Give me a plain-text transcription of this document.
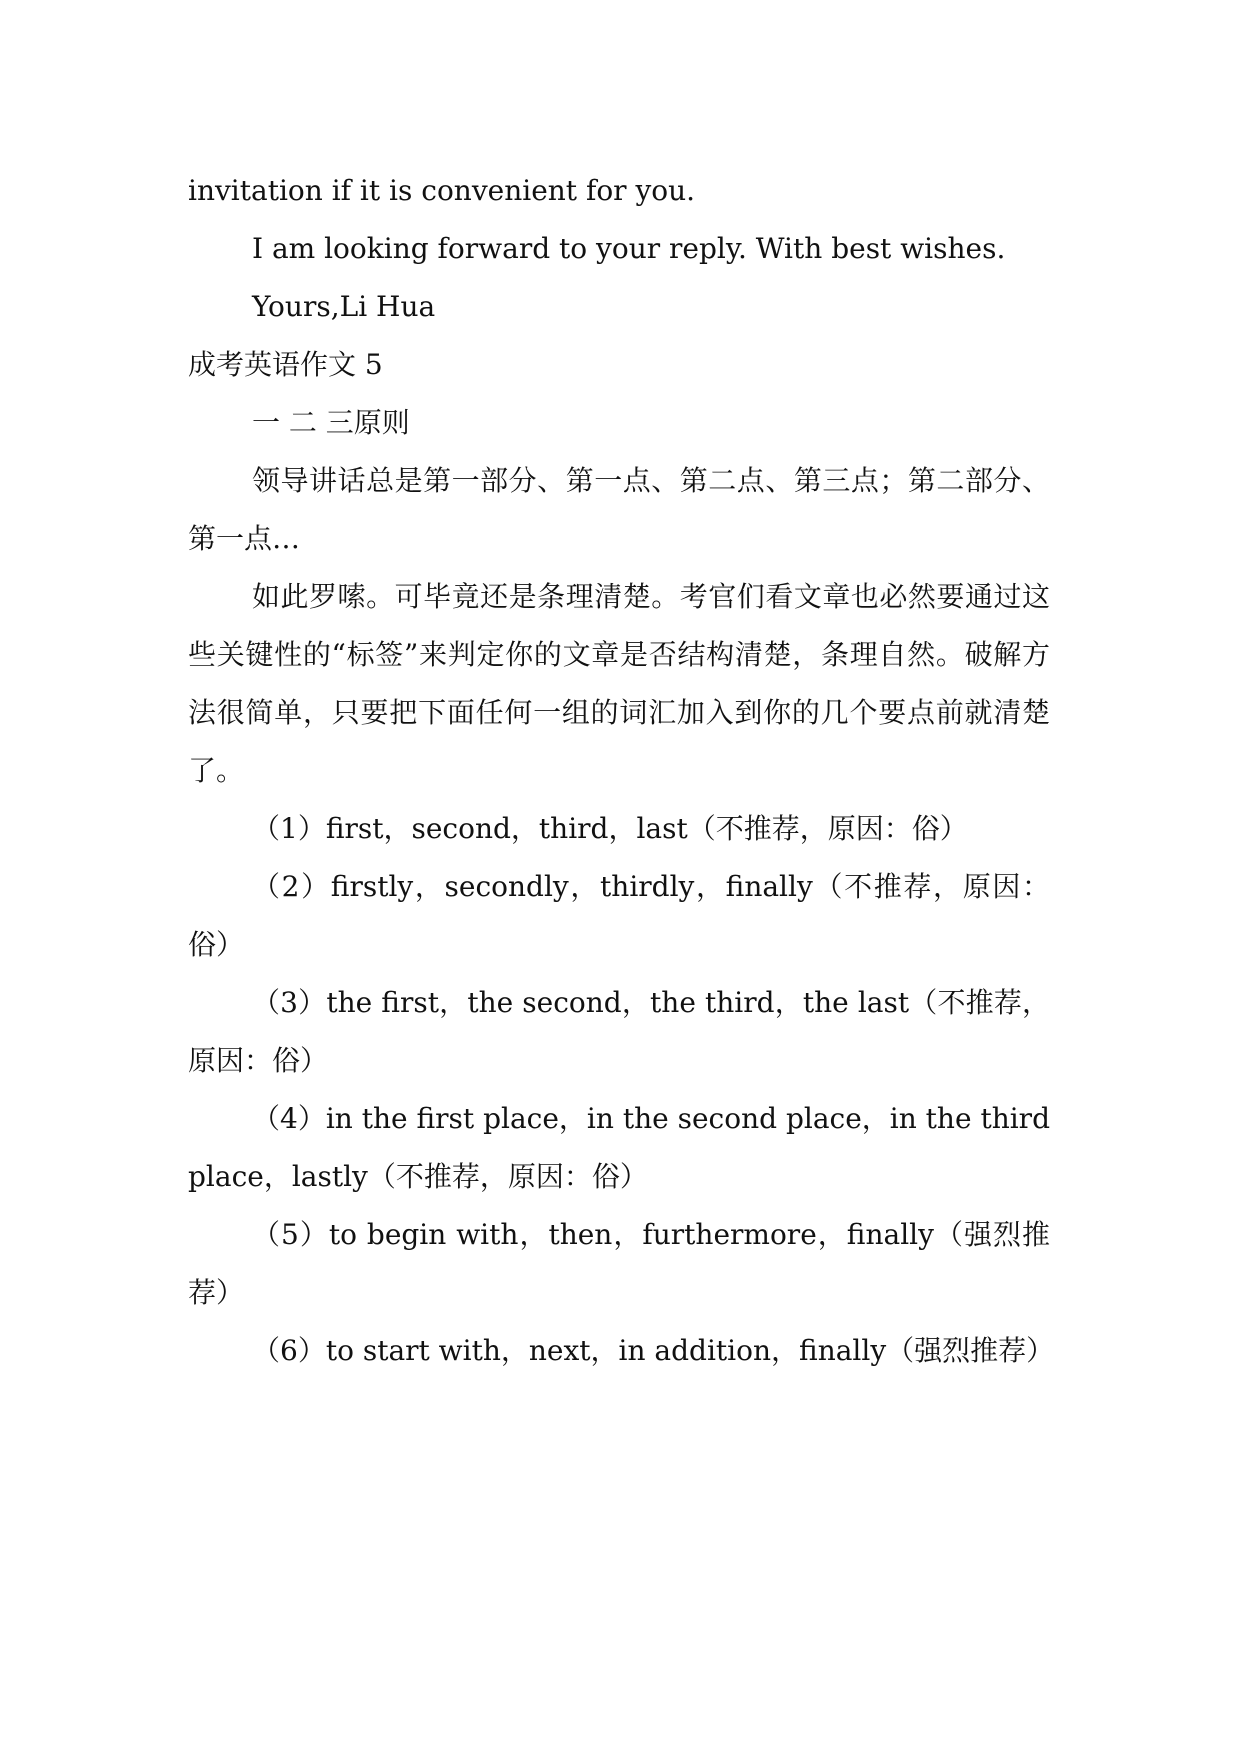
invitation if it is convenient for you.

I am looking forward to your reply. With best wishes.

Yours,Li Hua

成考英语作文 5

一 二 三原则

领导讲话总是第一部分、第一点、第二点、第三点；第二部分、第一点…

如此罗嗦。可毕竟还是条理清楚。考官们看文章也必然要通过这些关键性的“标签”来判定你的文章是否结构清楚，条理自然。破解方法很简单，只要把下面任何一组的词汇加入到你的几个要点前就清楚了。

（1）first，second，third，last（不推荐，原因：俗）

（2）firstly，secondly，thirdly，finally（不推荐，原因：俗）

（3）the first，the second，the third，the last（不推荐，原因：俗）

（4）in the first place，in the second place，in the third place，lastly（不推荐，原因：俗）

（5）to begin with，then，furthermore，finally（强烈推荐）

（6）to start with，next，in addition，finally（强烈推荐）
